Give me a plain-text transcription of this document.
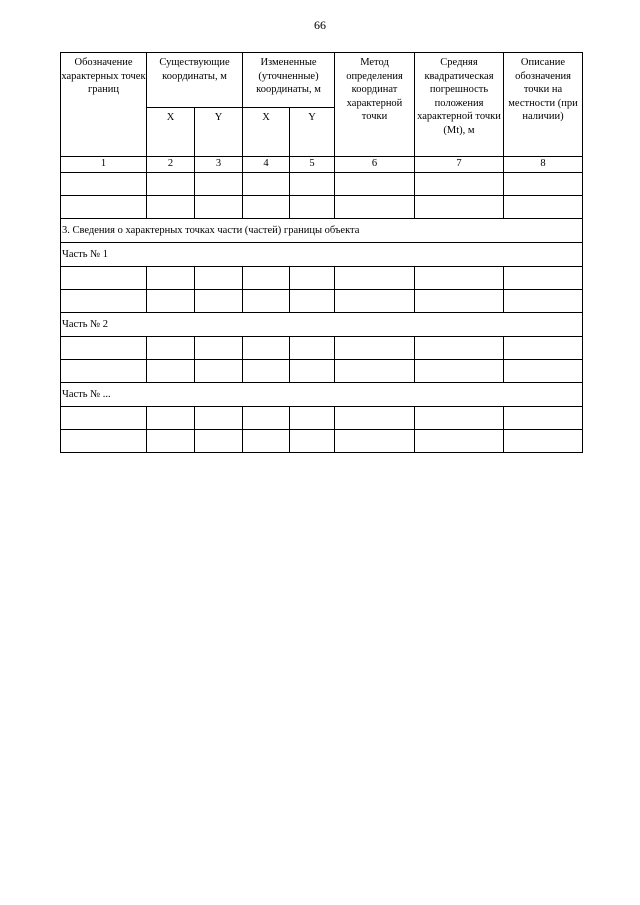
66
Обозначение характерных точек границ	Существующие координаты, м		Измененные (уточненные) координаты, м		Метод определения координат характерной точки	Средняя квадратическая погрешность положения характерной точки (Mt), м	Описание обозначения точки на местности (при наличии)

	X	Y	X	Y			

1	2	3	4	5	6	7	8

3. Сведения о характерных точках части (частей) границы объекта							
Часть № 1							

Часть № 2							

Часть № ...							
